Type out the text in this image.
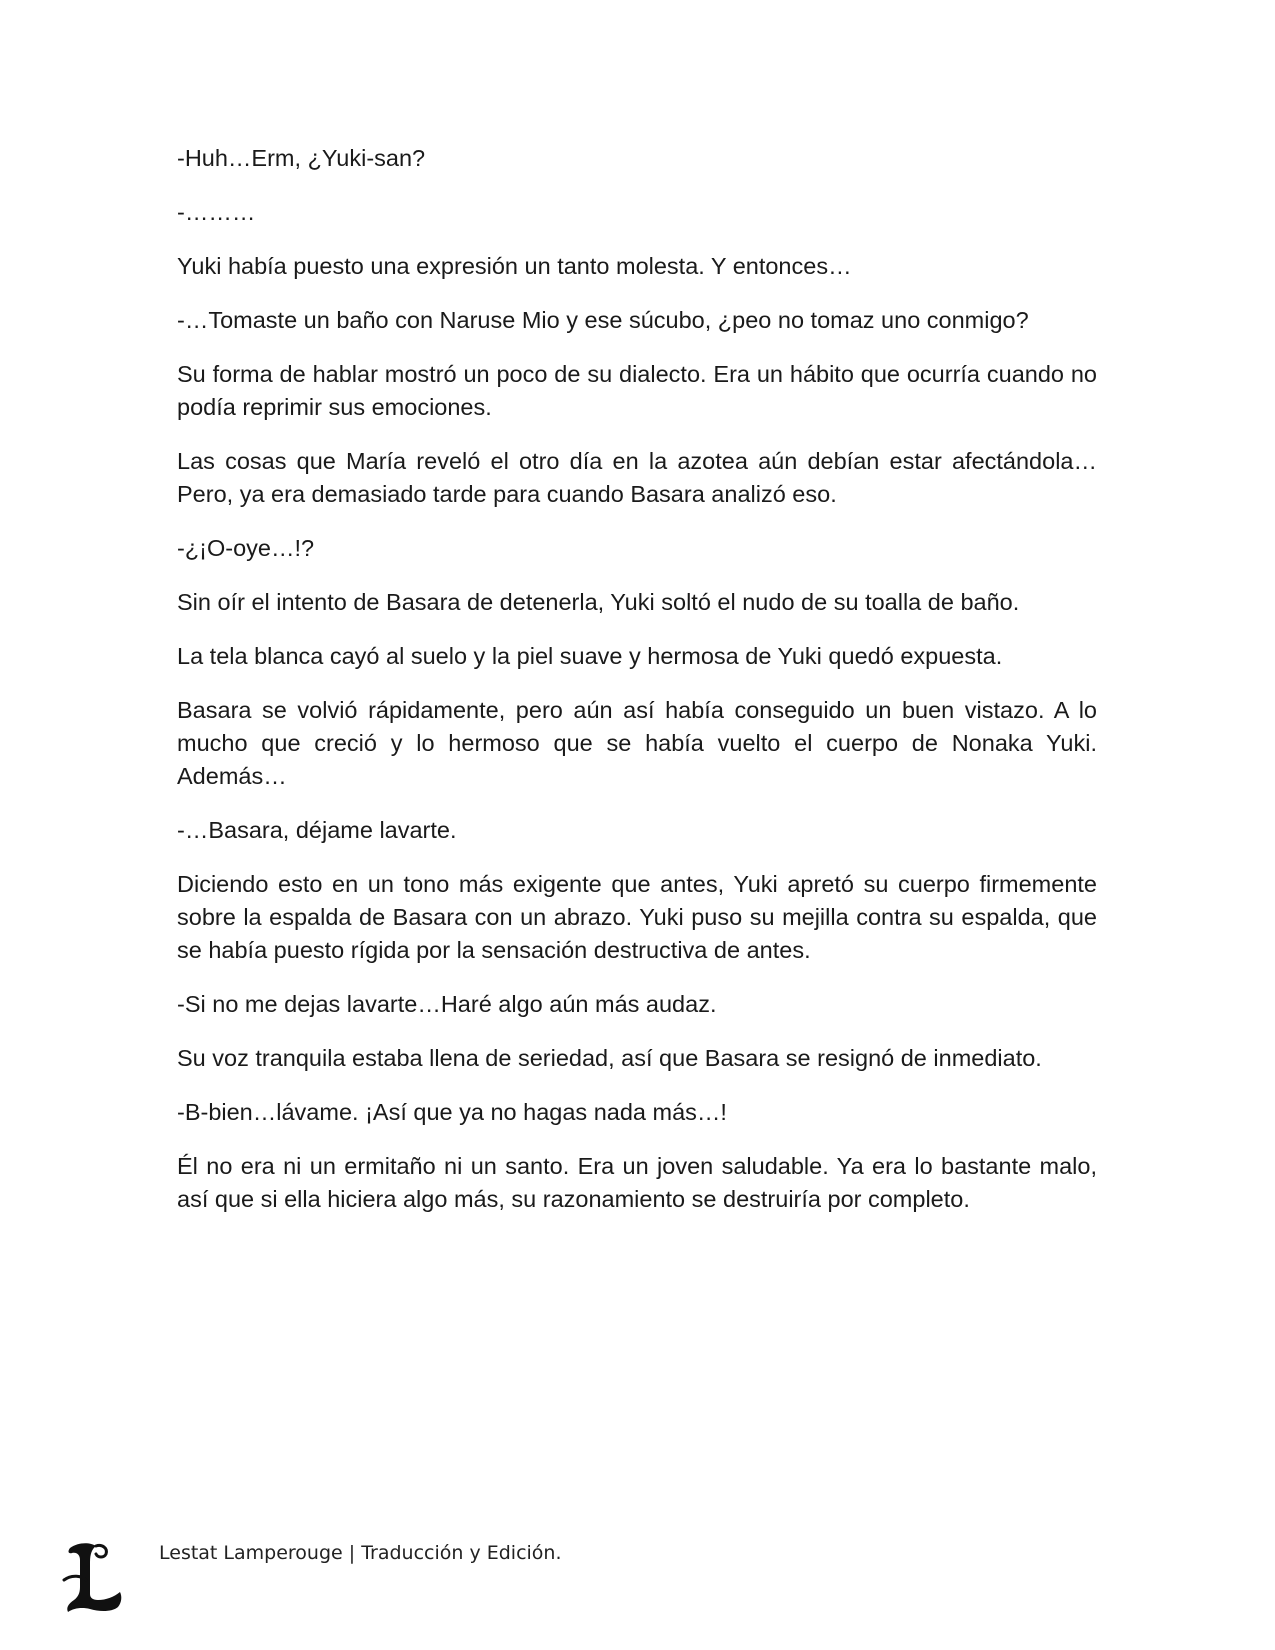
-Huh…Erm, ¿Yuki-san?

-………

Yuki había puesto una expresión un tanto molesta. Y entonces…

-…Tomaste un baño con Naruse Mio y ese súcubo, ¿peo no tomaz uno conmigo?

Su forma de hablar mostró un poco de su dialecto. Era un hábito que ocurría cuando no podía reprimir sus emociones.

Las cosas que María reveló el otro día en la azotea aún debían estar afectándola…Pero, ya era demasiado tarde para cuando Basara analizó eso.

-¿¡O-oye…!?

Sin oír el intento de Basara de detenerla, Yuki soltó el nudo de su toalla de baño.

La tela blanca cayó al suelo y la piel suave y hermosa de Yuki quedó expuesta.

Basara se volvió rápidamente, pero aún así había conseguido un buen vistazo. A lo mucho que creció y lo hermoso que se había vuelto el cuerpo de Nonaka Yuki. Además…

-…Basara, déjame lavarte.

Diciendo esto en un tono más exigente que antes, Yuki apretó su cuerpo firmemente sobre la espalda de Basara con un abrazo. Yuki puso su mejilla contra su espalda, que se había puesto rígida por la sensación destructiva de antes.

-Si no me dejas lavarte…Haré algo aún más audaz.

Su voz tranquila estaba llena de seriedad, así que Basara se resignó de inmediato.

-B-bien…lávame. ¡Así que ya no hagas nada más…!

Él no era ni un ermitaño ni un santo. Era un joven saludable. Ya era lo bastante malo, así que si ella hiciera algo más, su razonamiento se destruiría por completo.

Lestat Lamperouge | Traducción y Edición.
